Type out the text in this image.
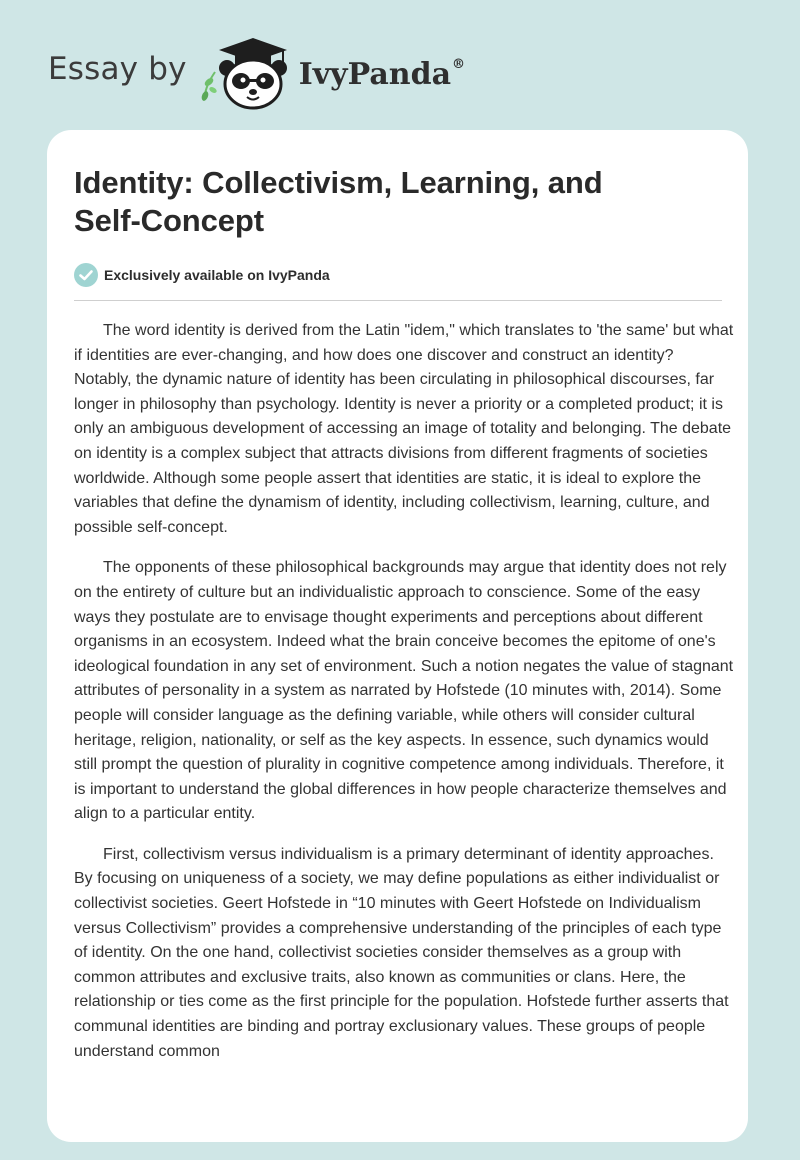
Essay by	IvyPanda®
Identity: Collectivism, Learning, and
Self-Concept
Exclusively available on IvyPanda

The word identity is derived from the Latin "idem," which translates to 'the same' but what if identities are ever-changing, and how does one discover and construct an identity? Notably, the dynamic nature of identity has been circulating in philosophical discourses, far longer in philosophy than psychology. Identity is never a priority or a completed product; it is only an ambiguous development of accessing an image of totality and belonging. The debate on identity is a complex subject that attracts divisions from different fragments of societies worldwide. Although some people assert that identities are static, it is ideal to explore the variables that define the dynamism of identity, including collectivism, learning, culture, and possible self-concept.

The opponents of these philosophical backgrounds may argue that identity does not rely on the entirety of culture but an individualistic approach to conscience. Some of the easy ways they postulate are to envisage thought experiments and perceptions about different organisms in an ecosystem. Indeed what the brain conceive becomes the epitome of one's ideological foundation in any set of environment. Such a notion negates the value of stagnant attributes of personality in a system as narrated by Hofstede (10 minutes with, 2014). Some people will consider language as the defining variable, while others will consider cultural heritage, religion, nationality, or self as the key aspects. In essence, such dynamics would still prompt the question of plurality in cognitive competence among individuals. Therefore, it is important to understand the global differences in how people characterize themselves and align to a particular entity.

First, collectivism versus individualism is a primary determinant of identity approaches. By focusing on uniqueness of a society, we may define populations as either individualist or collectivist societies. Geert Hofstede in “10 minutes with Geert Hofstede on Individualism versus Collectivism” provides a comprehensive understanding of the principles of each type of identity. On the one hand, collectivist societies consider themselves as a group with common attributes and exclusive traits, also known as communities or clans. Here, the relationship or ties come as the first principle for the population. Hofstede further asserts that communal identities are binding and portray exclusionary values. These groups of people understand common
